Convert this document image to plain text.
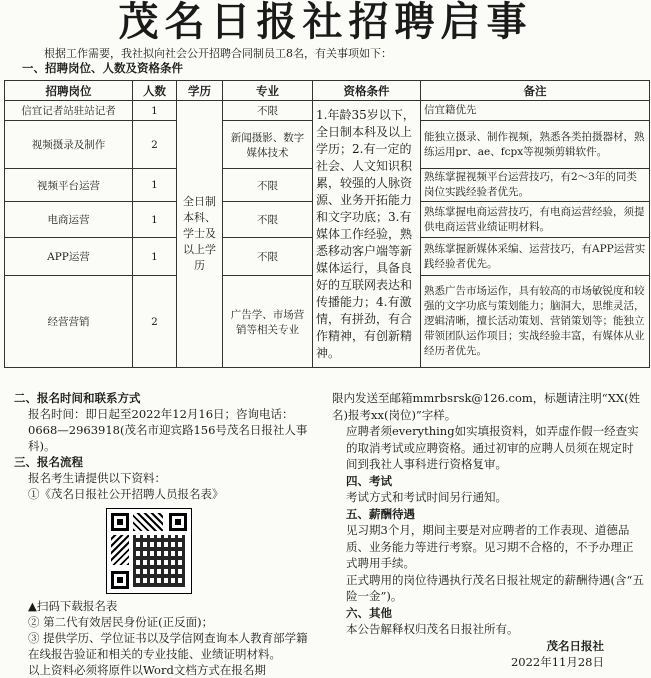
茂名日报社招聘启事
根据工作需要，我社拟向社会公开招聘合同制员工8名，有关事项如下：
一、招聘岗位、人数及资格条件
招聘岗位	人数	学历	专业	资格条件	备注
信宜记者站驻站记者	1	全日制本科、学士及以上学历	不限	1.年龄35岁以下，全日制本科及以上学历；2.有一定的社会、人文知识积累，较强的人脉资源、业务开拓能力和文字功底；3.有媒体工作经验，熟悉移动客户端等新媒体运行，具备良好的互联网表达和传播能力；4.有激情，有拼劲，有合作精神，有创新精神。	信宜籍优先
视频摄录及制作	2		新闻摄影、数字媒体技术		能独立摄录、制作视频，熟悉各类拍摄器材，熟练运用pr、ae、fcpx等视频剪辑软件。
视频平台运营	1		不限		熟练掌握视频平台运营技巧，有2～3年的同类岗位实践经验者优先。
电商运营	1		不限		熟练掌握电商运营技巧，有电商运营经验，须提供电商运营业绩证明材料。
APP运营	1		不限		熟练掌握新媒体采编、运营技巧，有APP运营实践经验者优先。
经营营销	2		广告学、市场营销等相关专业		熟悉广告市场运作，具有较高的市场敏锐度和较强的文字功底与策划能力；脑洞大，思维灵活，逻辑清晰，擅长活动策划、营销策划等；能独立带领团队运作项目；实战经验丰富，有媒体从业经历者优先。
二、报名时间和联系方式
报名时间：即日起至2022年12月16日；咨询电话：0668—2963918(茂名市迎宾路156号茂名日报社人事科)。
三、报名流程
报名考生请提供以下资料：
①《茂名日报社公开招聘人员报名表》
▲扫码下载报名表
② 第二代有效居民身份证(正反面)；
③ 提供学历、学位证书以及学信网查询本人教育部学籍在线报告验证和相关的专业技能、业绩证明材料。
以上资料必须将原件以Word文档方式在报名期
限内发送至邮箱mmrbsrsk@126.com，标题请注明“XX(姓名)报考xx(岗位)”字样。
应聘者须everything如实填报资料，如弄虚作假一经查实的取消考试或应聘资格。通过初审的应聘人员须在规定时间到我社人事科进行资格复审。
四、考试
考试方式和考试时间另行通知。
五、薪酬待遇
见习期3个月，期间主要是对应聘者的工作表现、道德品质、业务能力等进行考察。见习期不合格的，不予办理正式聘用手续。
正式聘用的岗位待遇执行茂名日报社规定的薪酬待遇(含“五险一金”)。
六、其他
本公告解释权归茂名日报社所有。
茂名日报社
2022年11月28日
